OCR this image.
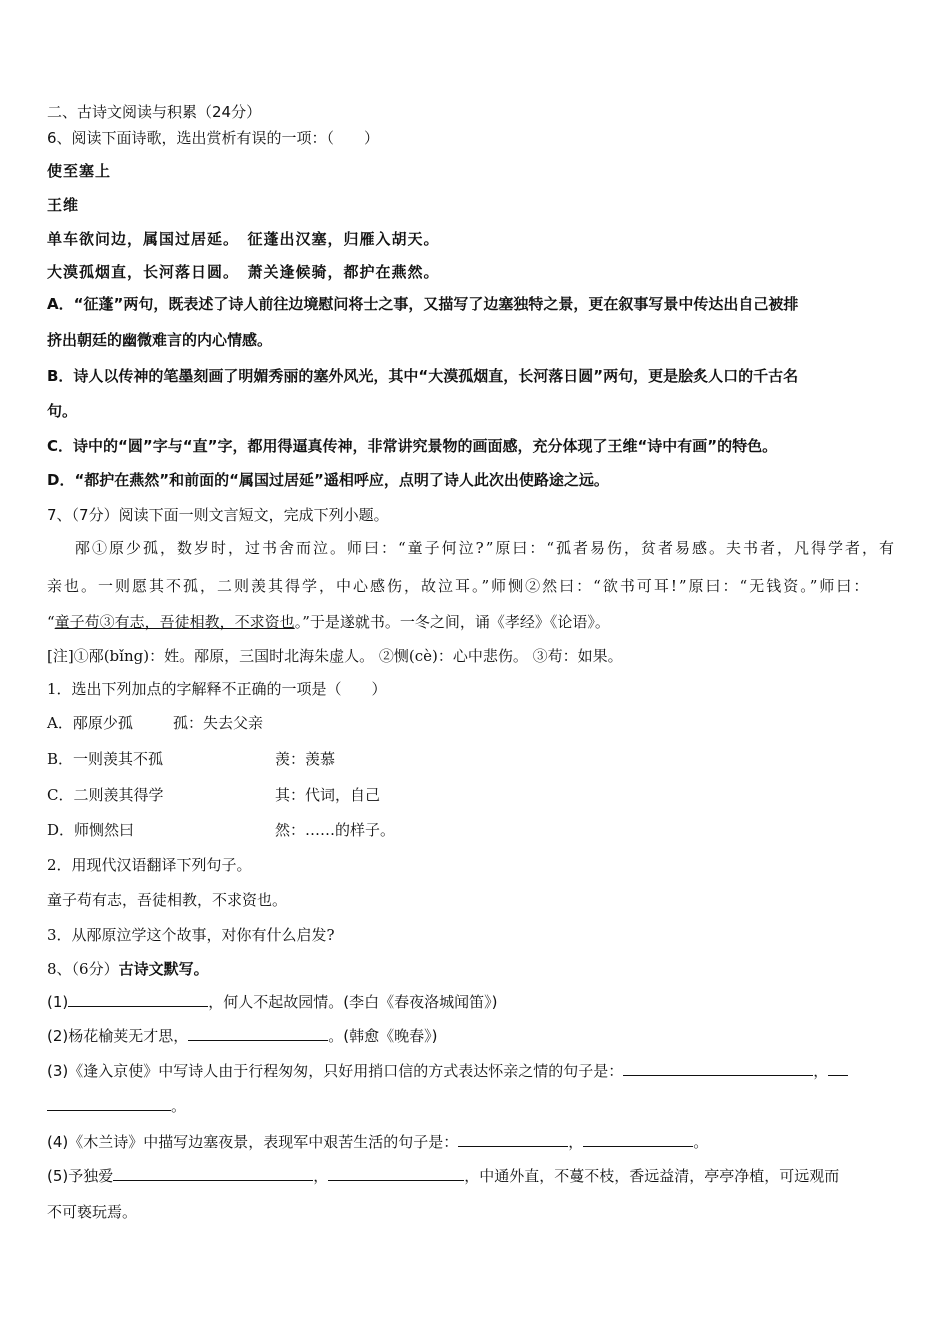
二、古诗文阅读与积累（24分）
6、阅读下面诗歌，选出赏析有误的一项：（　　）
使至塞上
王维
单车欲问边，属国过居延。　征蓬出汉塞，归雁入胡天。
大漠孤烟直，长河落日圆。　萧关逢候骑，都护在燕然。
A．“征蓬”两句，既表述了诗人前往边境慰问将士之事，又描写了边塞独特之景，更在叙事写景中传达出自己被排
挤出朝廷的幽微难言的内心情感。
B．诗人以传神的笔墨刻画了明媚秀丽的塞外风光，其中“大漠孤烟直，长河落日圆”两句，更是脍炙人口的千古名
句。
C．诗中的“圆”字与“直”字，都用得逼真传神，非常讲究景物的画面感，充分体现了王维“诗中有画”的特色。
D．“都护在燕然”和前面的“属国过居延”遥相呼应，点明了诗人此次出使路途之远。
7、（7分）阅读下面一则文言短文，完成下列小题。
邴①原少孤，数岁时，过书舍而泣。师曰：“童子何泣?”原曰：“孤者易伤，贫者易感。夫书者，凡得学者，有
亲也。一则愿其不孤，二则羡其得学，中心感伤，故泣耳。”师恻②然曰：“欲书可耳!”原曰：“无钱资。”师曰：
“童子苟③有志，吾徒相教，不求资也。”于是遂就书。一冬之间，诵《孝经》《论语》。
[注]①邴(bǐng)：姓。邴原，三国时北海朱虚人。 ②恻(cè)：心中悲伤。 ③苟：如果。
1．选出下列加点的字解释不正确的一项是（　　）
A．邴原少孤	孤：失去父亲
B．一则羡其不孤	羡：羡慕
C．二则羡其得学	其：代词，自己
D．师恻然曰	然：……的样子。
2．用现代汉语翻译下列句子。
童子苟有志，吾徒相教，不求资也。
3．从邴原泣学这个故事，对你有什么启发?
8、（6分）古诗文默写。
(1)	，何人不起故园情。(李白《春夜洛城闻笛》)
(2)杨花榆荚无才思，	。(韩愈《晚春》)
(3)《逢入京使》中写诗人由于行程匆匆，只好用捎口信的方式表达怀亲之情的句子是：	，
。
(4)《木兰诗》中描写边塞夜景，表现军中艰苦生活的句子是：	，	。
(5)予独爱	，	，中通外直，不蔓不枝，香远益清，亭亭净植，可远观而
不可亵玩焉。
